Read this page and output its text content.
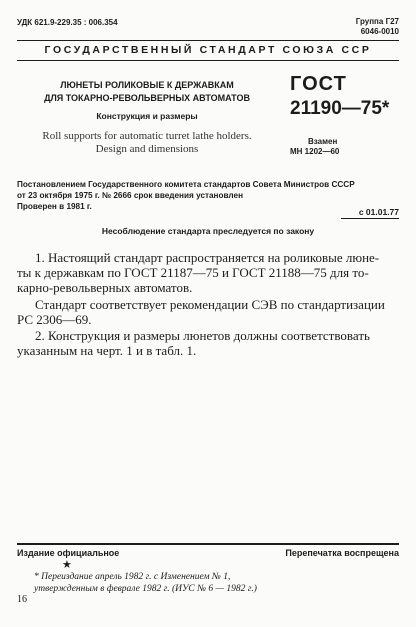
УДК 621.9-229.35 : 006.354	Группа Г27
6046-0010
ГОСУДАРСТВЕННЫЙ СТАНДАРТ СОЮЗА ССР
ЛЮНЕТЫ РОЛИКОВЫЕ К ДЕРЖАВКАМ
ДЛЯ ТОКАРНО-РЕВОЛЬВЕРНЫХ АВТОМАТОВ
Конструкция и размеры
Roll supports for automatic turret lathe holders.
Design and dimensions
ГОСТ
21190—75*
Взамен
МН 1202—60
Постановлением Государственного комитета стандартов Совета Министров СССР
от 23 октября 1975 г. № 2666 срок введения установлен
Проверен в 1981 г.
с 01.01.77
Несоблюдение стандарта преследуется по закону
1. Настоящий стандарт распространяется на роликовые люне-
ты к державкам по ГОСТ 21187—75 и ГОСТ 21188—75 для то-
карно-револьверных автоматов.
Стандарт соответствует рекомендации СЭВ по стандартизации
РС 2306—69.
2. Конструкция и размеры люнетов должны соответствовать
указанным на черт. 1 и в табл. 1.
Издание официальное	Перепечатка воспрещена
★
* Переиздание апрель 1982 г. с Изменением № 1,
утвержденным в феврале 1982 г. (ИУС № 6 — 1982 г.)
16
